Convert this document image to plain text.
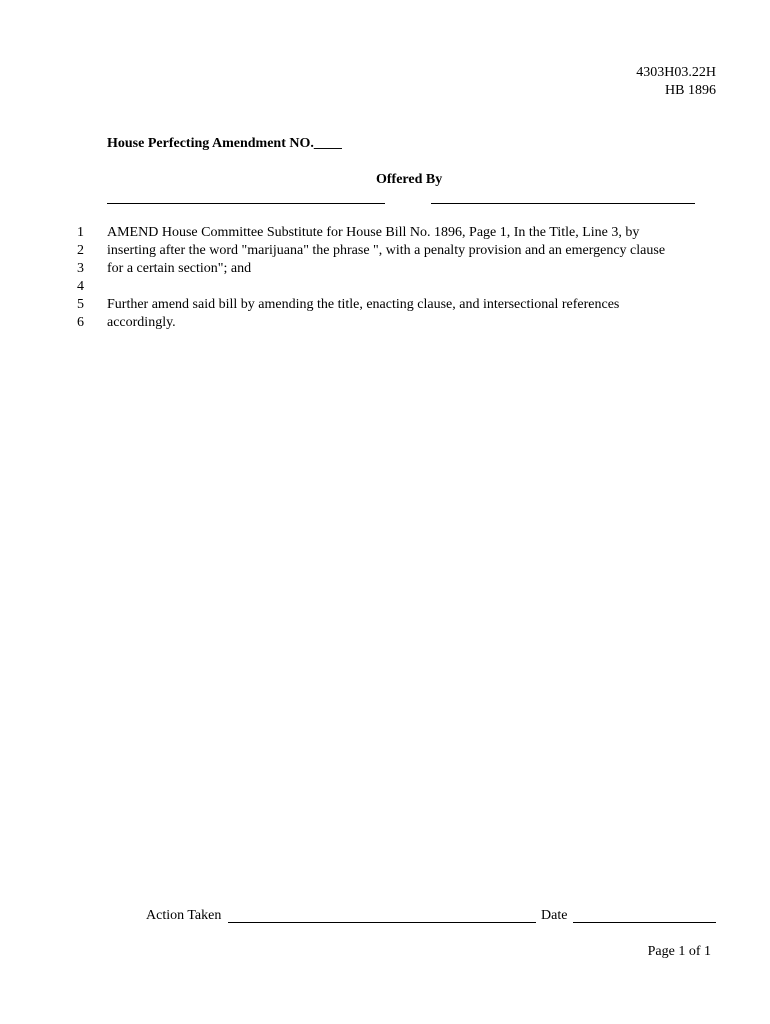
4303H03.22H
HB 1896
House Perfecting Amendment NO.____
Offered By
1 AMEND House Committee Substitute for House Bill No. 1896, Page 1, In the Title, Line 3, by
2 inserting after the word "marijuana" the phrase ", with a penalty provision and an emergency clause
3 for a certain section"; and
4
5 Further amend said bill by amending the title, enacting clause, and intersectional references
6 accordingly.
Action Taken	Date
Page 1 of 1
